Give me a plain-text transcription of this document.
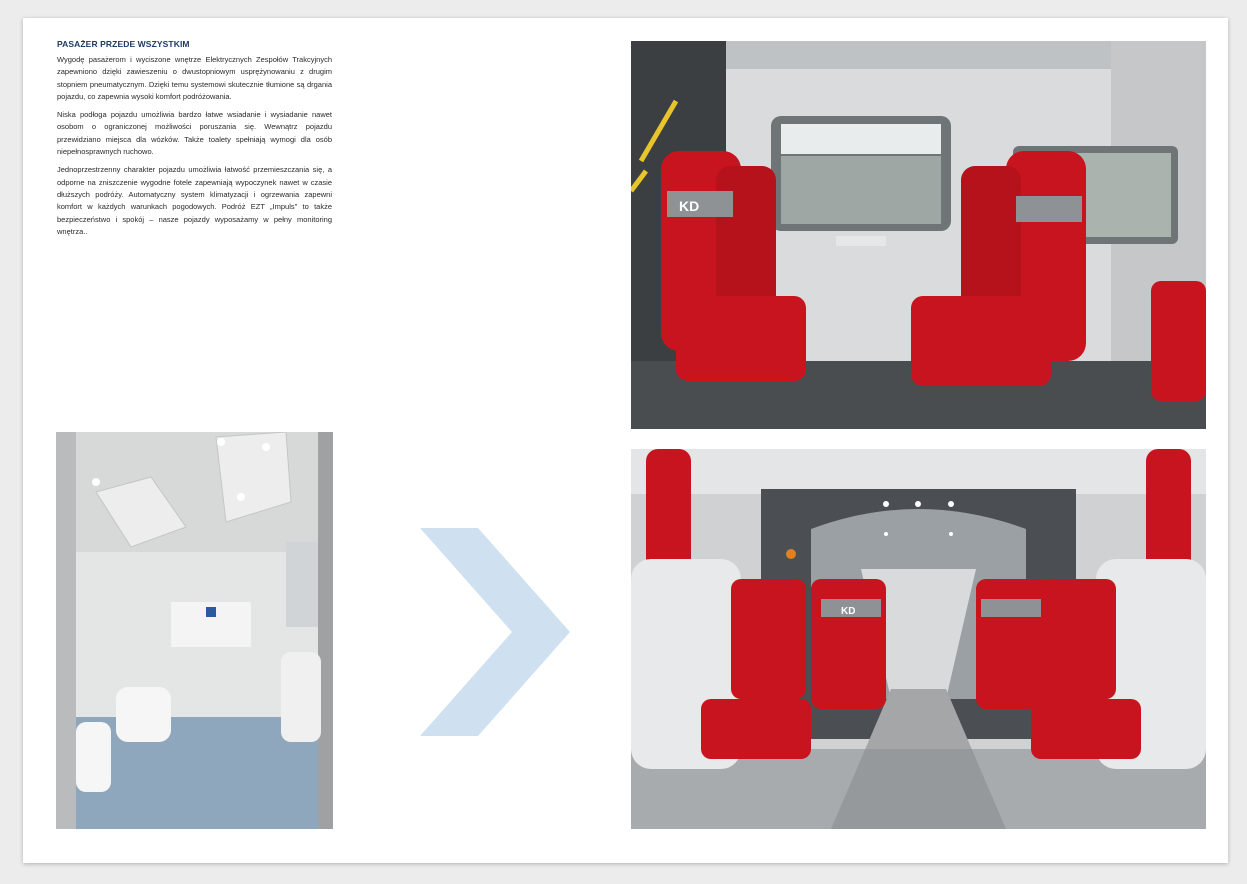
PASAŻER PRZEDE WSZYSTKIM

Wygodę pasażerom i wyciszone wnętrze Elektrycznych Zespołów Trakcyjnych zapewniono dzięki zawieszeniu o dwustopniowym usprężynowaniu z drugim stopniem pneumatycznym. Dzięki temu systemowi skutecznie tłumione są drgania pojazdu, co zapewnia wysoki komfort podróżowania.

Niska podłoga pojazdu umożliwia bardzo łatwe wsiadanie i wysiadanie nawet osobom o ograniczonej możliwości poruszania się. Wewnątrz pojazdu przewidziano miejsca dla wózków. Także toalety spełniają wymogi dla osób niepełnosprawnych ruchowo.

Jednoprzestrzenny charakter pojazdu umożliwia łatwość przemieszczania się, a odporne na zniszczenie wygodne fotele zapewniają wypoczynek nawet w czasie dłuższych podróży. Automatyczny system klimatyzacji i ogrzewania zapewni komfort w każdych warunkach pogodowych. Podróż EZT „Impuls" to także bezpieczeństwo i spokój – nasze pojazdy wyposażamy w pełny monitoring wnętrza..

KD
KD
